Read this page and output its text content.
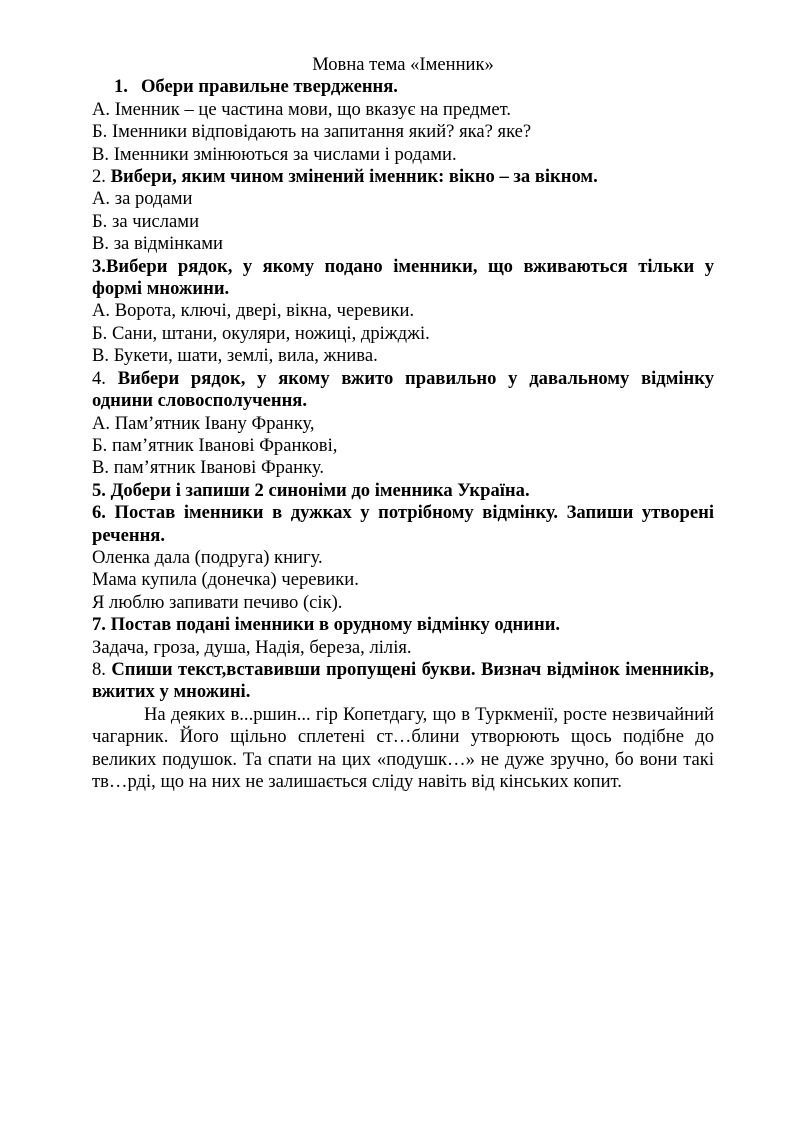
Мовна тема «Іменник»

1. Обери правильне твердження.

А. Іменник – це частина мови, що вказує на предмет.

Б. Іменники відповідають на запитання який? яка? яке?

В. Іменники змінюються за числами і родами.

2. Вибери, яким чином змінений іменник: вікно – за вікном.

А. за родами

Б. за числами

В. за відмінками

3.Вибери рядок, у якому подано іменники, що вживаються тільки у формі множини.

А. Ворота, ключі, двері, вікна, черевики.

Б. Сани, штани, окуляри, ножиці, дріжджі.

В. Букети, шати, землі, вила, жнива.

4. Вибери рядок, у якому вжито правильно у давальному відмінку однини словосполучення.

А. Пам’ятник Івану Франку,

Б. пам’ятник Іванові Франкові,

В. пам’ятник Іванові Франку.

5. Добери і запиши 2 синоніми до іменника Україна.

6. Постав іменники в дужках у потрібному відмінку. Запиши утворені речення.

Оленка дала (подруга) книгу.

Мама купила (донечка) черевики.

Я люблю запивати печиво (сік).

7. Постав подані іменники в орудному відмінку однини.

Задача, гроза, душа, Надія, береза, лілія.

8. Спиши текст,вставивши пропущені букви. Визнач відмінок іменників, вжитих у множині.

На деяких в...ршин... гір Копетдагу, що в Туркменії, росте незвичайний чагарник. Його щільно сплетені ст…блини утворюють щось подібне до великих подушок. Та спати на цих «подушк…» не дуже зручно, бо вони такі тв…рді, що на них не залишається сліду навіть від кінських копит.
